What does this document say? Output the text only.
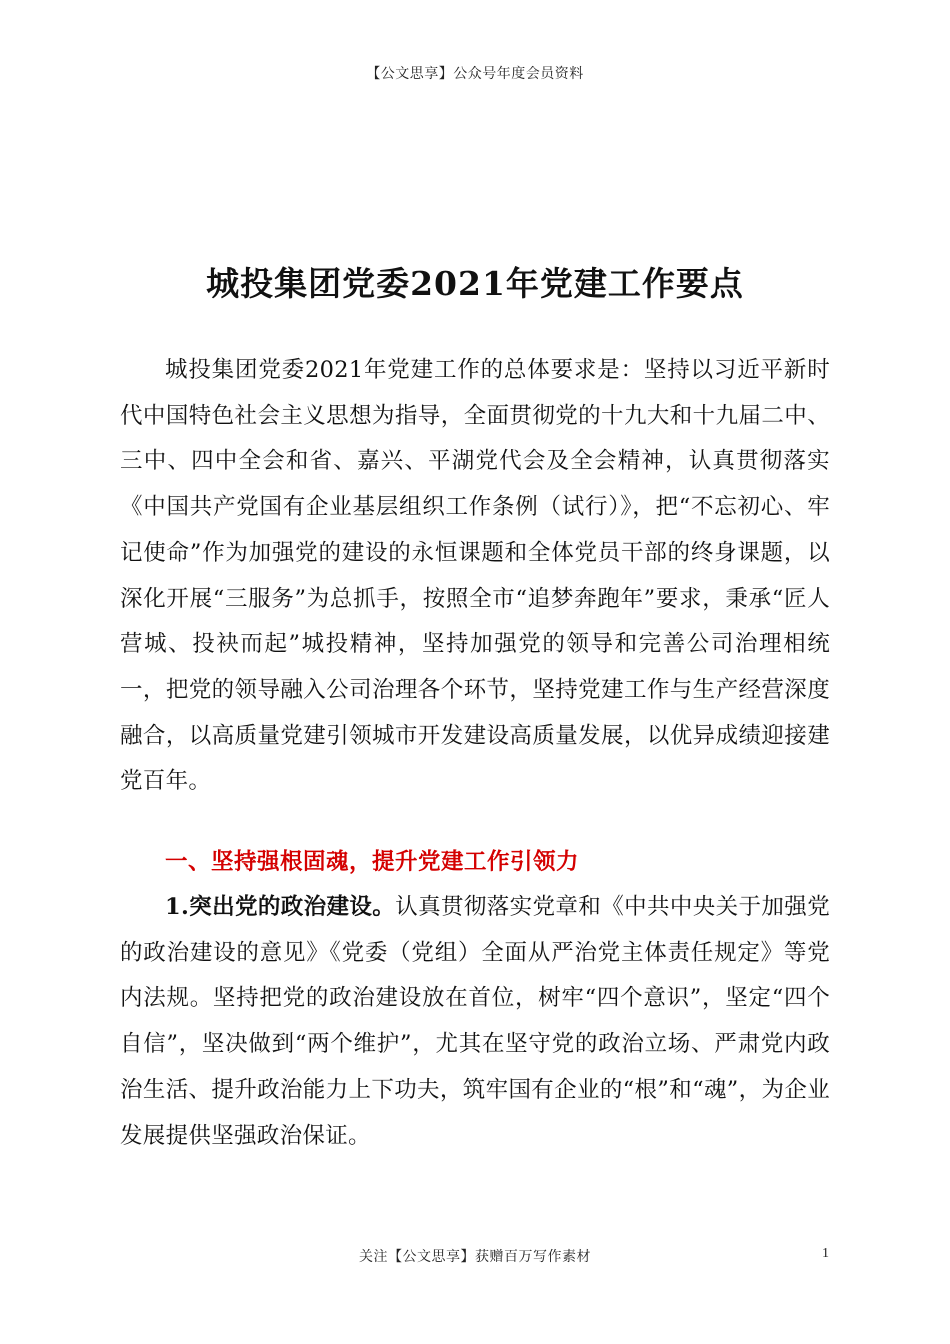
【公文思享】公众号年度会员资料
城投集团党委2021年党建工作要点

城投集团党委2021年党建工作的总体要求是：坚持以习近平新时代中国特色社会主义思想为指导，全面贯彻党的十九大和十九届二中、三中、四中全会和省、嘉兴、平湖党代会及全会精神，认真贯彻落实《中国共产党国有企业基层组织工作条例（试行）》，把“不忘初心、牢记使命”作为加强党的建设的永恒课题和全体党员干部的终身课题，以深化开展“三服务”为总抓手，按照全市“追梦奔跑年”要求，秉承“匠人营城、投袂而起”城投精神，坚持加强党的领导和完善公司治理相统一，把党的领导融入公司治理各个环节，坚持党建工作与生产经营深度融合，以高质量党建引领城市开发建设高质量发展，以优异成绩迎接建党百年。

一、坚持强根固魂，提升党建工作引领力

1.突出党的政治建设。认真贯彻落实党章和《中共中央关于加强党的政治建设的意见》《党委（党组）全面从严治党主体责任规定》等党内法规。坚持把党的政治建设放在首位，树牢“四个意识”，坚定“四个自信”，坚决做到“两个维护”，尤其在坚守党的政治立场、严肃党内政治生活、提升政治能力上下功夫，筑牢国有企业的“根”和“魂”，为企业发展提供坚强政治保证。

关注【公文思享】获赠百万写作素材	1
